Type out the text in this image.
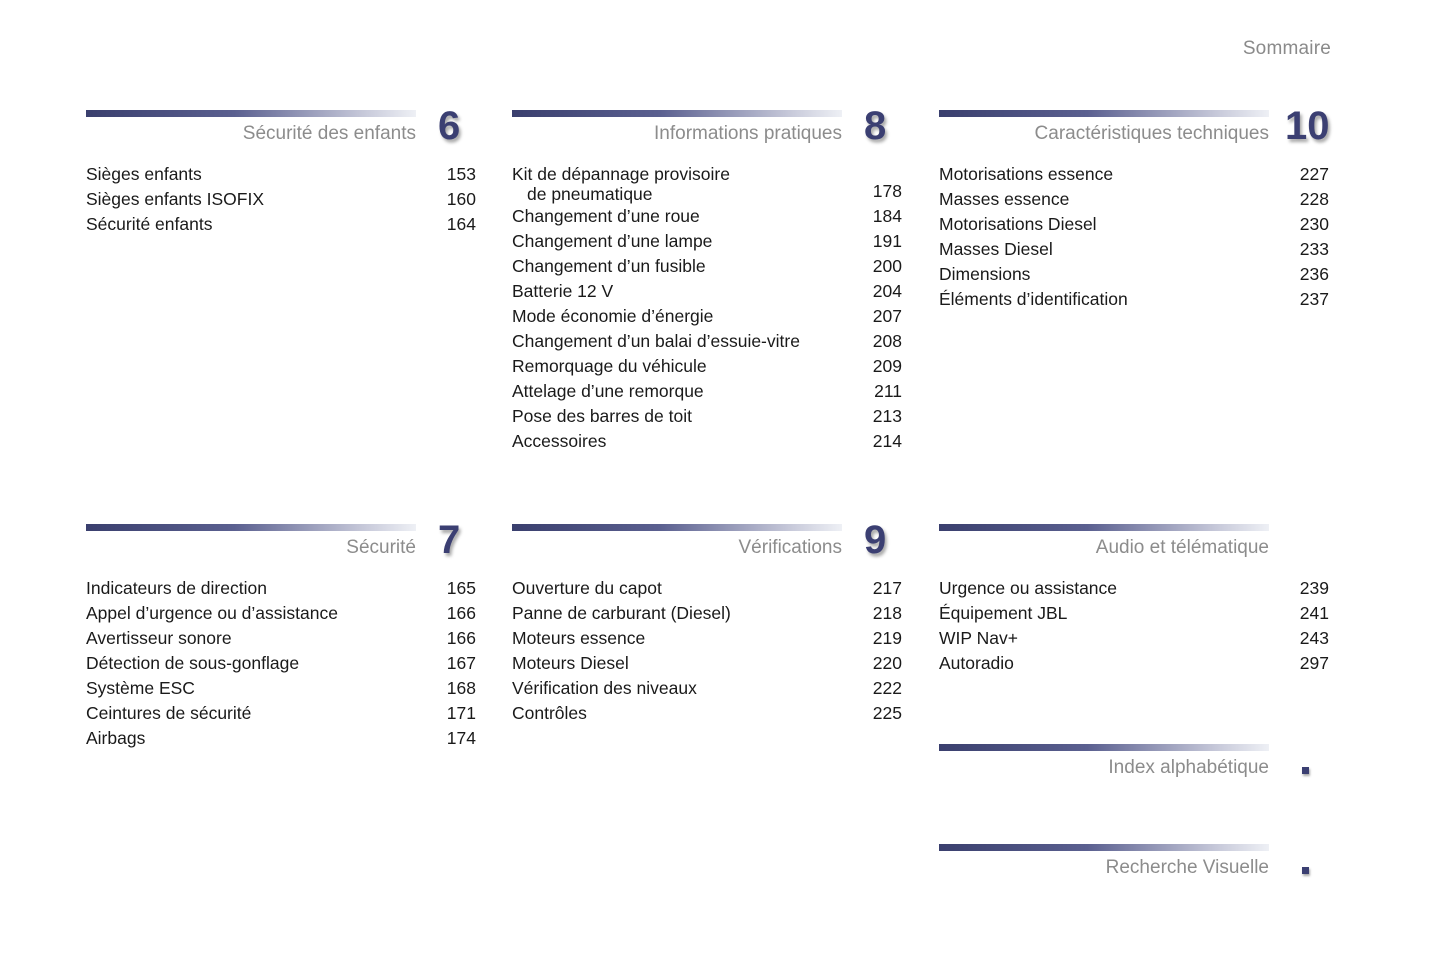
Sommaire
Sécurité des enfants 6
Sièges enfants	153
Sièges enfants ISOFIX	160
Sécurité enfants	164
Informations pratiques 8
Kit de dépannage provisoire
de pneumatique	178
Changement d’une roue	184
Changement d’une lampe	191
Changement d’un fusible	200
Batterie 12 V	204
Mode économie d’énergie	207
Changement d’un balai d’essuie-vitre	208
Remorquage du véhicule	209
Attelage d’une remorque	211
Pose des barres de toit	213
Accessoires	214
Caractéristiques techniques 10
Motorisations essence	227
Masses essence	228
Motorisations Diesel	230
Masses Diesel	233
Dimensions	236
Éléments d’identification	237
Sécurité 7
Indicateurs de direction	165
Appel d’urgence ou d’assistance	166
Avertisseur sonore	166
Détection de sous-gonflage	167
Système ESC	168
Ceintures de sécurité	171
Airbags	174
Vérifications 9
Ouverture du capot	217
Panne de carburant (Diesel)	218
Moteurs essence	219
Moteurs Diesel	220
Vérification des niveaux	222
Contrôles	225
Audio et télématique
Urgence ou assistance	239
Équipement JBL	241
WIP Nav+	243
Autoradio	297
Index alphabétique
Recherche Visuelle
